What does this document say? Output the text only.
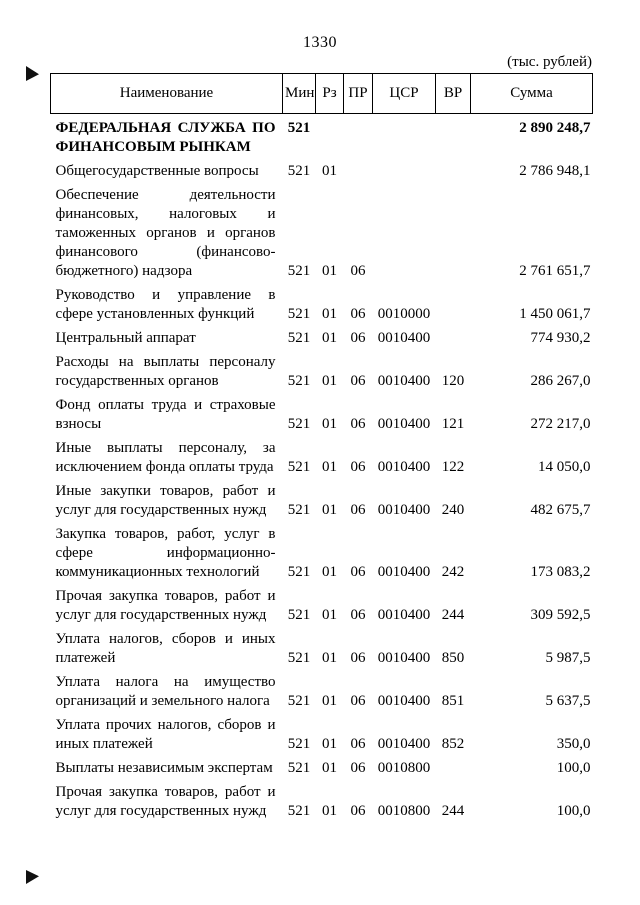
1330
(тыс. рублей)
Наименование	Мин	Рз	ПР	ЦСР	ВР	Сумма
ФЕДЕРАЛЬНАЯ СЛУЖБА ПО ФИНАНСОВЫМ РЫНКАМ	521					2 890 248,7
Общегосударственные вопросы	521	01				2 786 948,1
Обеспечение деятельности финансовых, налоговых и таможенных органов и органов финансового (финансово-бюджетного) надзора	521	01	06			2 761 651,7
Руководство и управление в сфере установленных функций	521	01	06	0010000		1 450 061,7
Центральный аппарат	521	01	06	0010400		774 930,2
Расходы на выплаты персоналу государственных органов	521	01	06	0010400	120	286 267,0
Фонд оплаты труда и страховые взносы	521	01	06	0010400	121	272 217,0
Иные выплаты персоналу, за исключением фонда оплаты труда	521	01	06	0010400	122	14 050,0
Иные закупки товаров, работ и услуг для государственных нужд	521	01	06	0010400	240	482 675,7
Закупка товаров, работ, услуг в сфере информационно-коммуникационных технологий	521	01	06	0010400	242	173 083,2
Прочая закупка товаров, работ и услуг для государственных нужд	521	01	06	0010400	244	309 592,5
Уплата налогов, сборов и иных платежей	521	01	06	0010400	850	5 987,5
Уплата налога на имущество организаций и земельного налога	521	01	06	0010400	851	5 637,5
Уплата прочих налогов, сборов и иных платежей	521	01	06	0010400	852	350,0
Выплаты независимым экспертам	521	01	06	0010800		100,0
Прочая закупка товаров, работ и услуг для государственных нужд	521	01	06	0010800	244	100,0
